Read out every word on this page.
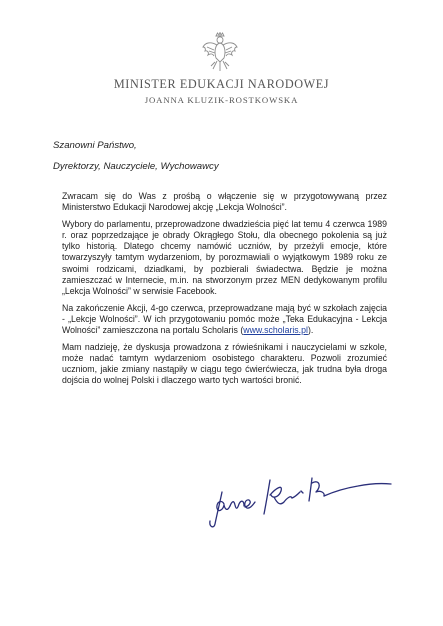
MINISTER EDUKACJI NARODOWEJ
JOANNA KLUZIK-ROSTKOWSKA
Szanowni Państwo,
Dyrektorzy, Nauczyciele, Wychowawcy

Zwracam się do Was z prośbą o włączenie się w przygotowywaną przez Ministerstwo Edukacji Narodowej akcję „Lekcja Wolności”.

Wybory do parlamentu, przeprowadzone dwadzieścia pięć lat temu 4 czerwca 1989 r. oraz poprzedzające je obrady Okrągłego Stołu, dla obecnego pokolenia są już tylko historią. Dlatego chcemy namówić uczniów, by przeżyli emocje, które towarzyszyły tamtym wydarzeniom, by porozmawiali o wyjątkowym 1989 roku ze swoimi rodzicami, dziadkami, by pozbierali świadectwa. Będzie je można zamieszczać w Internecie, m.in. na stworzonym przez MEN dedykowanym profilu „Lekcja Wolności” w serwisie Facebook.

Na zakończenie Akcji, 4-go czerwca, przeprowadzane mają być w szkołach zajęcia - „Lekcje Wolności”. W ich przygotowaniu pomóc może „Teka Edukacyjna - Lekcja Wolności” zamieszczona na portalu Scholaris (www.scholaris.pl).

Mam nadzieję, że dyskusja prowadzona z rówieśnikami i nauczycielami w szkole, może nadać tamtym wydarzeniom osobistego charakteru. Pozwoli zrozumieć uczniom, jakie zmiany nastąpiły w ciągu tego ćwierćwiecza, jak trudna była droga dojścia do wolnej Polski i dlaczego warto tych wartości bronić.
